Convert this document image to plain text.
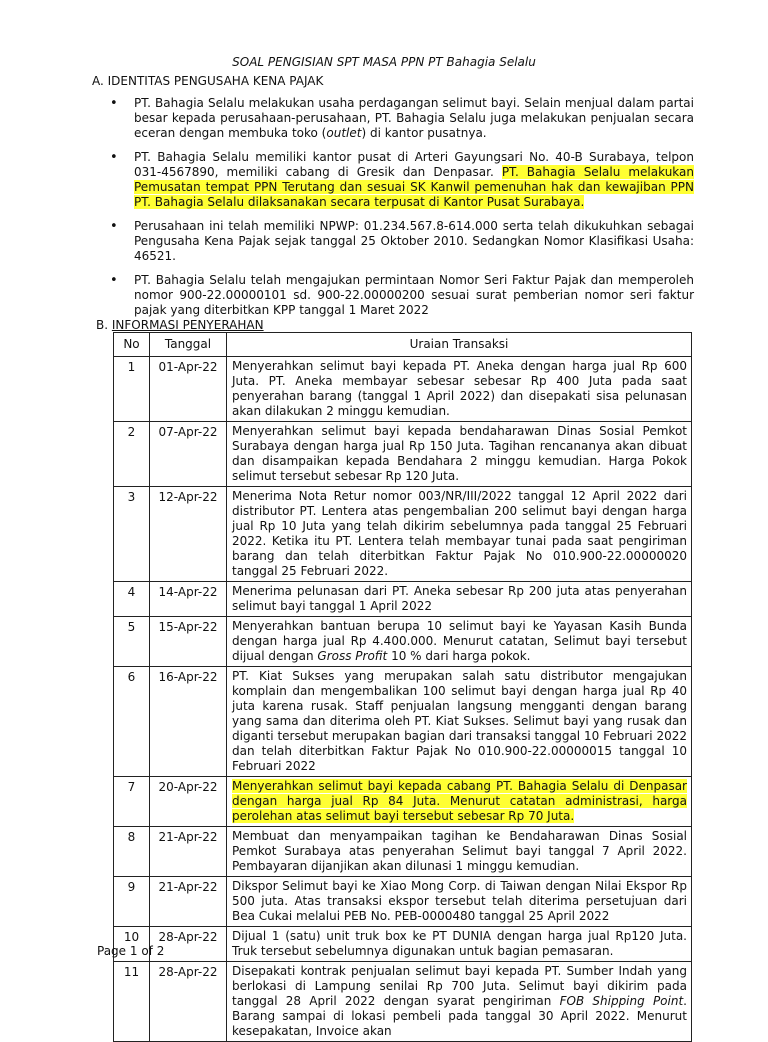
SOAL PENGISIAN SPT MASA PPN PT Bahagia Selalu
A. IDENTITAS PENGUSAHA KENA PAJAK
• PT. Bahagia Selalu melakukan usaha perdagangan selimut bayi. Selain menjual dalam partai besar kepada perusahaan-perusahaan, PT. Bahagia Selalu juga melakukan penjualan secara eceran dengan membuka toko (outlet) di kantor pusatnya.
• PT. Bahagia Selalu memiliki kantor pusat di Arteri Gayungsari No. 40-B Surabaya, telpon 031-4567890, memiliki cabang di Gresik dan Denpasar. PT. Bahagia Selalu melakukan Pemusatan tempat PPN Terutang dan sesuai SK Kanwil pemenuhan hak dan kewajiban PPN PT. Bahagia Selalu dilaksanakan secara terpusat di Kantor Pusat Surabaya.
• Perusahaan ini telah memiliki NPWP: 01.234.567.8-614.000 serta telah dikukuhkan sebagai Pengusaha Kena Pajak sejak tanggal 25 Oktober 2010. Sedangkan Nomor Klasifikasi Usaha: 46521.
• PT. Bahagia Selalu telah mengajukan permintaan Nomor Seri Faktur Pajak dan memperoleh nomor 900-22.00000101 sd. 900-22.00000200 sesuai surat pemberian nomor seri faktur pajak yang diterbitkan KPP tanggal 1 Maret 2022
B. INFORMASI PENYERAHAN
No	Tanggal	Uraian Transaksi
1	01-Apr-22	Menyerahkan selimut bayi kepada PT. Aneka dengan harga jual Rp 600 Juta. PT. Aneka membayar sebesar sebesar Rp 400 Juta pada saat penyerahan barang (tanggal 1 April 2022) dan disepakati sisa pelunasan akan dilakukan 2 minggu kemudian.
2	07-Apr-22	Menyerahkan selimut bayi kepada bendaharawan Dinas Sosial Pemkot Surabaya dengan harga jual Rp 150 Juta. Tagihan rencananya akan dibuat dan disampaikan kepada Bendahara 2 minggu kemudian. Harga Pokok selimut tersebut sebesar Rp 120 Juta.
3	12-Apr-22	Menerima Nota Retur nomor 003/NR/III/2022 tanggal 12 April 2022 dari distributor PT. Lentera atas pengembalian 200 selimut bayi dengan harga jual Rp 10 Juta yang telah dikirim sebelumnya pada tanggal 25 Februari 2022. Ketika itu PT. Lentera telah membayar tunai pada saat pengiriman barang dan telah diterbitkan Faktur Pajak No 010.900-22.00000020 tanggal 25 Februari 2022.
4	14-Apr-22	Menerima pelunasan dari PT. Aneka sebesar Rp 200 juta atas penyerahan selimut bayi tanggal 1 April 2022
5	15-Apr-22	Menyerahkan bantuan berupa 10 selimut bayi ke Yayasan Kasih Bunda dengan harga jual Rp 4.400.000. Menurut catatan, Selimut bayi tersebut dijual dengan Gross Profit 10 % dari harga pokok.
6	16-Apr-22	PT. Kiat Sukses yang merupakan salah satu distributor mengajukan komplain dan mengembalikan 100 selimut bayi dengan harga jual Rp 40 juta karena rusak. Staff penjualan langsung mengganti dengan barang yang sama dan diterima oleh PT. Kiat Sukses. Selimut bayi yang rusak dan diganti tersebut merupakan bagian dari transaksi tanggal 10 Februari 2022 dan telah diterbitkan Faktur Pajak No 010.900-22.00000015 tanggal 10 Februari 2022
7	20-Apr-22	Menyerahkan selimut bayi kepada cabang PT. Bahagia Selalu di Denpasar dengan harga jual Rp 84 Juta. Menurut catatan administrasi, harga perolehan atas selimut bayi tersebut sebesar Rp 70 Juta.
8	21-Apr-22	Membuat dan menyampaikan tagihan ke Bendaharawan Dinas Sosial Pemkot Surabaya atas penyerahan Selimut bayi tanggal 7 April 2022. Pembayaran dijanjikan akan dilunasi 1 minggu kemudian.
9	21-Apr-22	Dikspor Selimut bayi ke Xiao Mong Corp. di Taiwan dengan Nilai Ekspor Rp 500 juta. Atas transaksi ekspor tersebut telah diterima persetujuan dari Bea Cukai melalui PEB No. PEB-0000480 tanggal 25 April 2022
10	28-Apr-22	Dijual 1 (satu) unit truk box ke PT DUNIA dengan harga jual Rp120 Juta. Truk tersebut sebelumnya digunakan untuk bagian pemasaran.
11	28-Apr-22	Disepakati kontrak penjualan selimut bayi kepada PT. Sumber Indah yang berlokasi di Lampung senilai Rp 700 Juta. Selimut bayi dikirim pada tanggal 28 April 2022 dengan syarat pengiriman FOB Shipping Point. Barang sampai di lokasi pembeli pada tanggal 30 April 2022. Menurut kesepakatan, Invoice akan
Page 1 of 2
